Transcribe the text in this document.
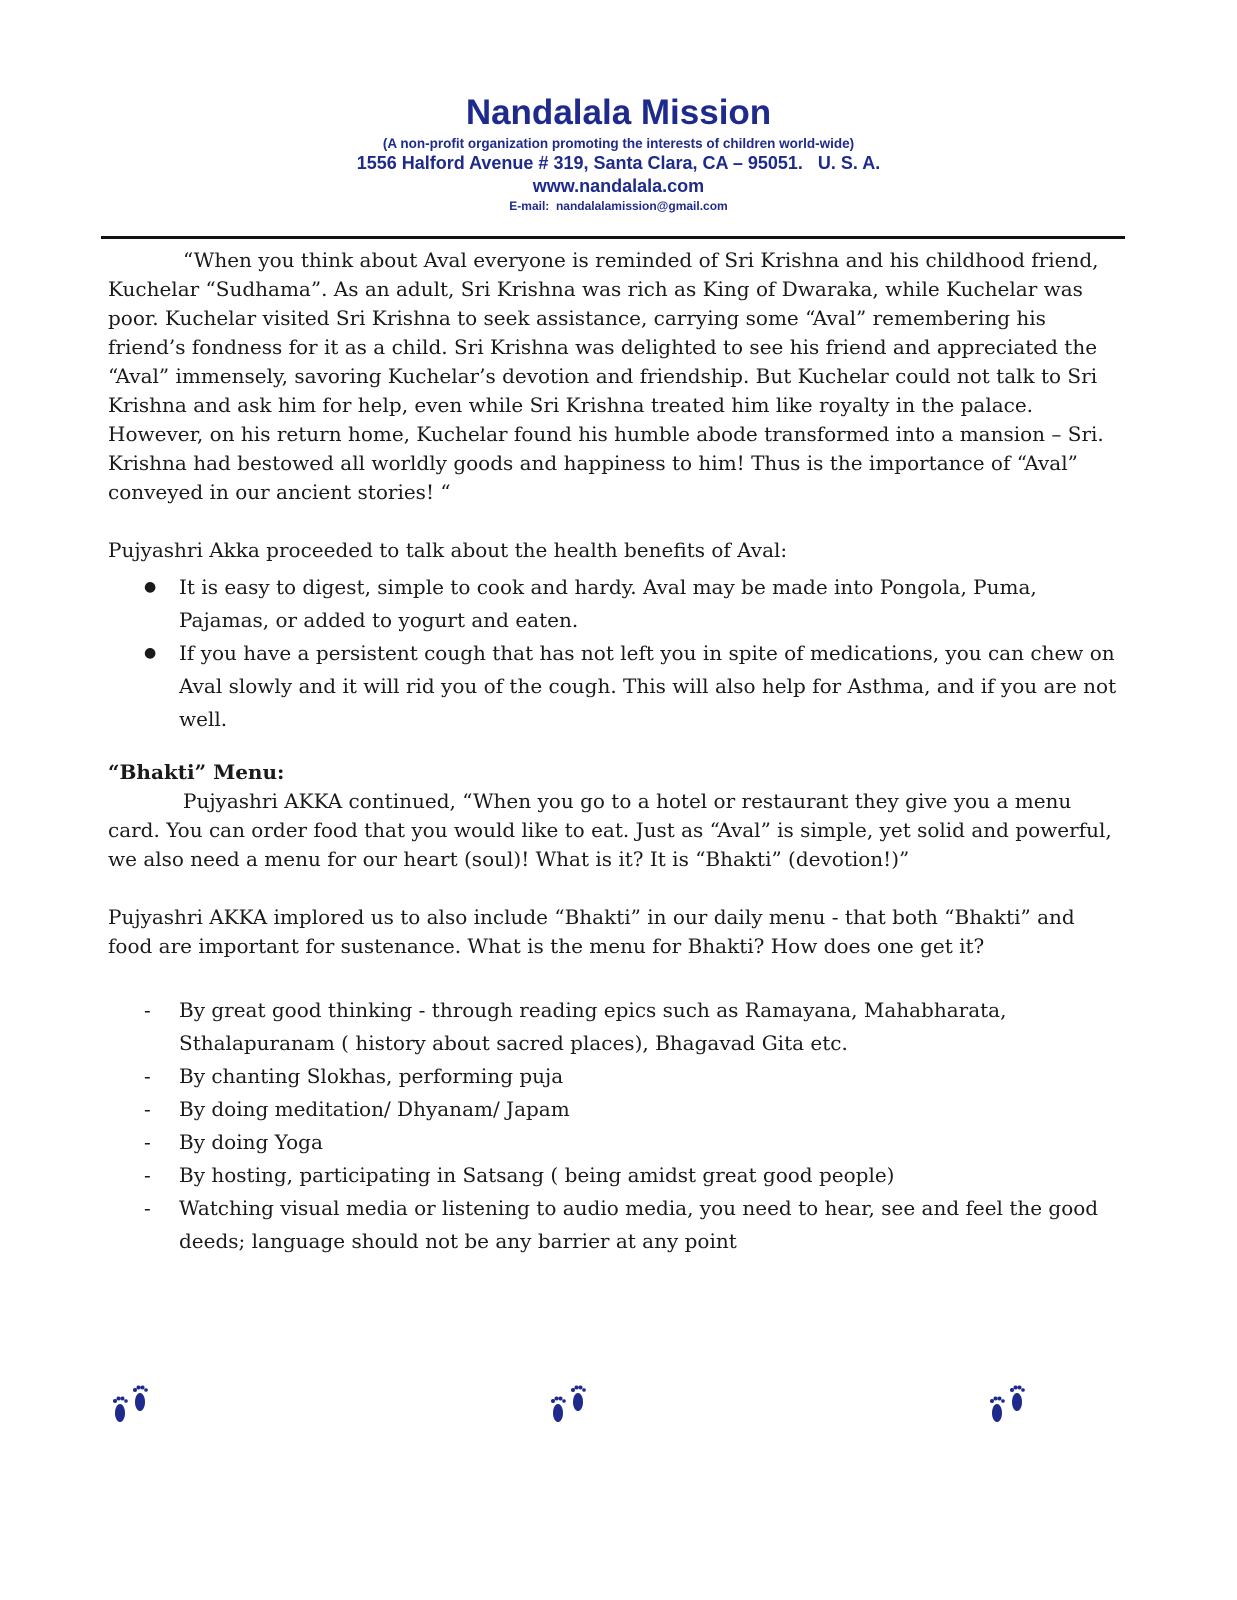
Nandalala Mission
(A non-profit organization promoting the interests of children world-wide)
1556 Halford Avenue # 319, Santa Clara, CA – 95051.   U. S. A.
www.nandalala.com
E-mail:  nandalalamission@gmail.com

“When you think about Aval everyone is reminded of Sri Krishna and his childhood friend, Kuchelar “Sudhama”. As an adult, Sri Krishna was rich as King of Dwaraka, while Kuchelar was poor. Kuchelar visited Sri Krishna to seek assistance, carrying some “Aval” remembering his friend’s fondness for it as a child. Sri Krishna was delighted to see his friend and appreciated the “Aval” immensely, savoring Kuchelar’s devotion and friendship. But Kuchelar could not talk to Sri Krishna and ask him for help, even while Sri Krishna treated him like royalty in the palace. However, on his return home, Kuchelar found his humble abode transformed into a mansion – Sri. Krishna had bestowed all worldly goods and happiness to him! Thus is the importance of “Aval” conveyed in our ancient stories! “

Pujyashri Akka proceeded to talk about the health benefits of Aval:

● It is easy to digest, simple to cook and hardy. Aval may be made into Pongola, Puma, Pajamas, or added to yogurt and eaten.
● If you have a persistent cough that has not left you in spite of medications, you can chew on Aval slowly and it will rid you of the cough. This will also help for Asthma, and if you are not well.

“Bhakti” Menu:

Pujyashri AKKA continued, “When you go to a hotel or restaurant they give you a menu card. You can order food that you would like to eat. Just as “Aval” is simple, yet solid and powerful, we also need a menu for our heart (soul)! What is it? It is “Bhakti” (devotion!)”

Pujyashri AKKA implored us to also include “Bhakti” in our daily menu - that both “Bhakti” and food are important for sustenance. What is the menu for Bhakti? How does one get it?

- By great good thinking - through reading epics such as Ramayana, Mahabharata, Sthalapuranam ( history about sacred places), Bhagavad Gita etc.
- By chanting Slokhas, performing puja
- By doing meditation/ Dhyanam/ Japam
- By doing Yoga
- By hosting, participating in Satsang ( being amidst great good people)
- Watching visual media or listening to audio media, you need to hear, see and feel the good deeds; language should not be any barrier at any point
